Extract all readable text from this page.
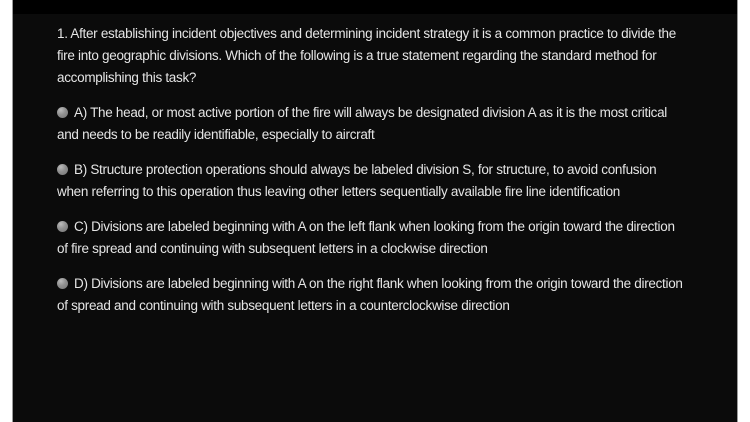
1. After establishing incident objectives and determining incident strategy it is a common practice to divide the fire into geographic divisions. Which of the following is a true statement regarding the standard method for accomplishing this task?

A) The head, or most active portion of the fire will always be designated division A as it is the most critical and needs to be readily identifiable, especially to aircraft

B) Structure protection operations should always be labeled division S, for structure, to avoid confusion when referring to this operation thus leaving other letters sequentially available fire line identification

C) Divisions are labeled beginning with A on the left flank when looking from the origin toward the direction of fire spread and continuing with subsequent letters in a clockwise direction

D) Divisions are labeled beginning with A on the right flank when looking from the origin toward the direction of spread and continuing with subsequent letters in a counterclockwise direction
